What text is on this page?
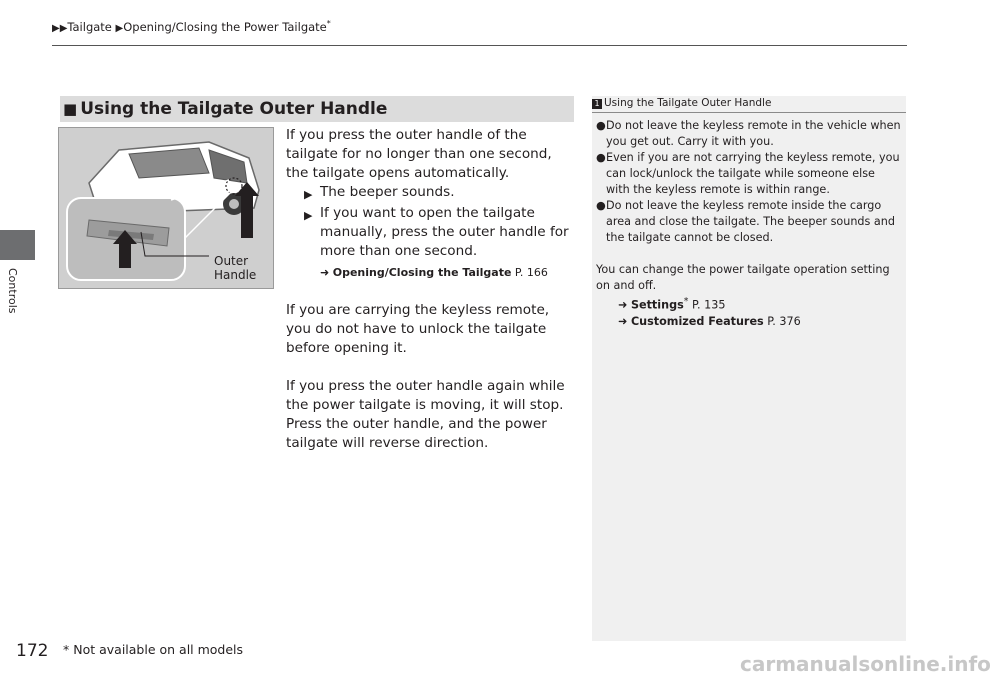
▶▶Tailgate ▶Opening/Closing the Power Tailgate*
Controls
■ Using the Tailgate Outer Handle
Outer
Handle

If you press the outer handle of the tailgate for no longer than one second, the tailgate opens automatically.

▶ The beeper sounds.
▶ If you want to open the tailgate manually, press the outer handle for more than one second.
➜ Opening/Closing the Tailgate P. 166

If you are carrying the keyless remote, you do not have to unlock the tailgate before opening it.

If you press the outer handle again while the power tailgate is moving, it will stop.

Press the outer handle, and the power tailgate will reverse direction.

1 Using the Tailgate Outer Handle
● Do not leave the keyless remote in the vehicle when you get out. Carry it with you.
● Even if you are not carrying the keyless remote, you can lock/unlock the tailgate while someone else with the keyless remote is within range.
● Do not leave the keyless remote inside the cargo area and close the tailgate. The beeper sounds and the tailgate cannot be closed.
You can change the power tailgate operation setting on and off.
➜ Settings* P. 135
➜ Customized Features P. 376
172 * Not available on all models
carmanualsonline.info
